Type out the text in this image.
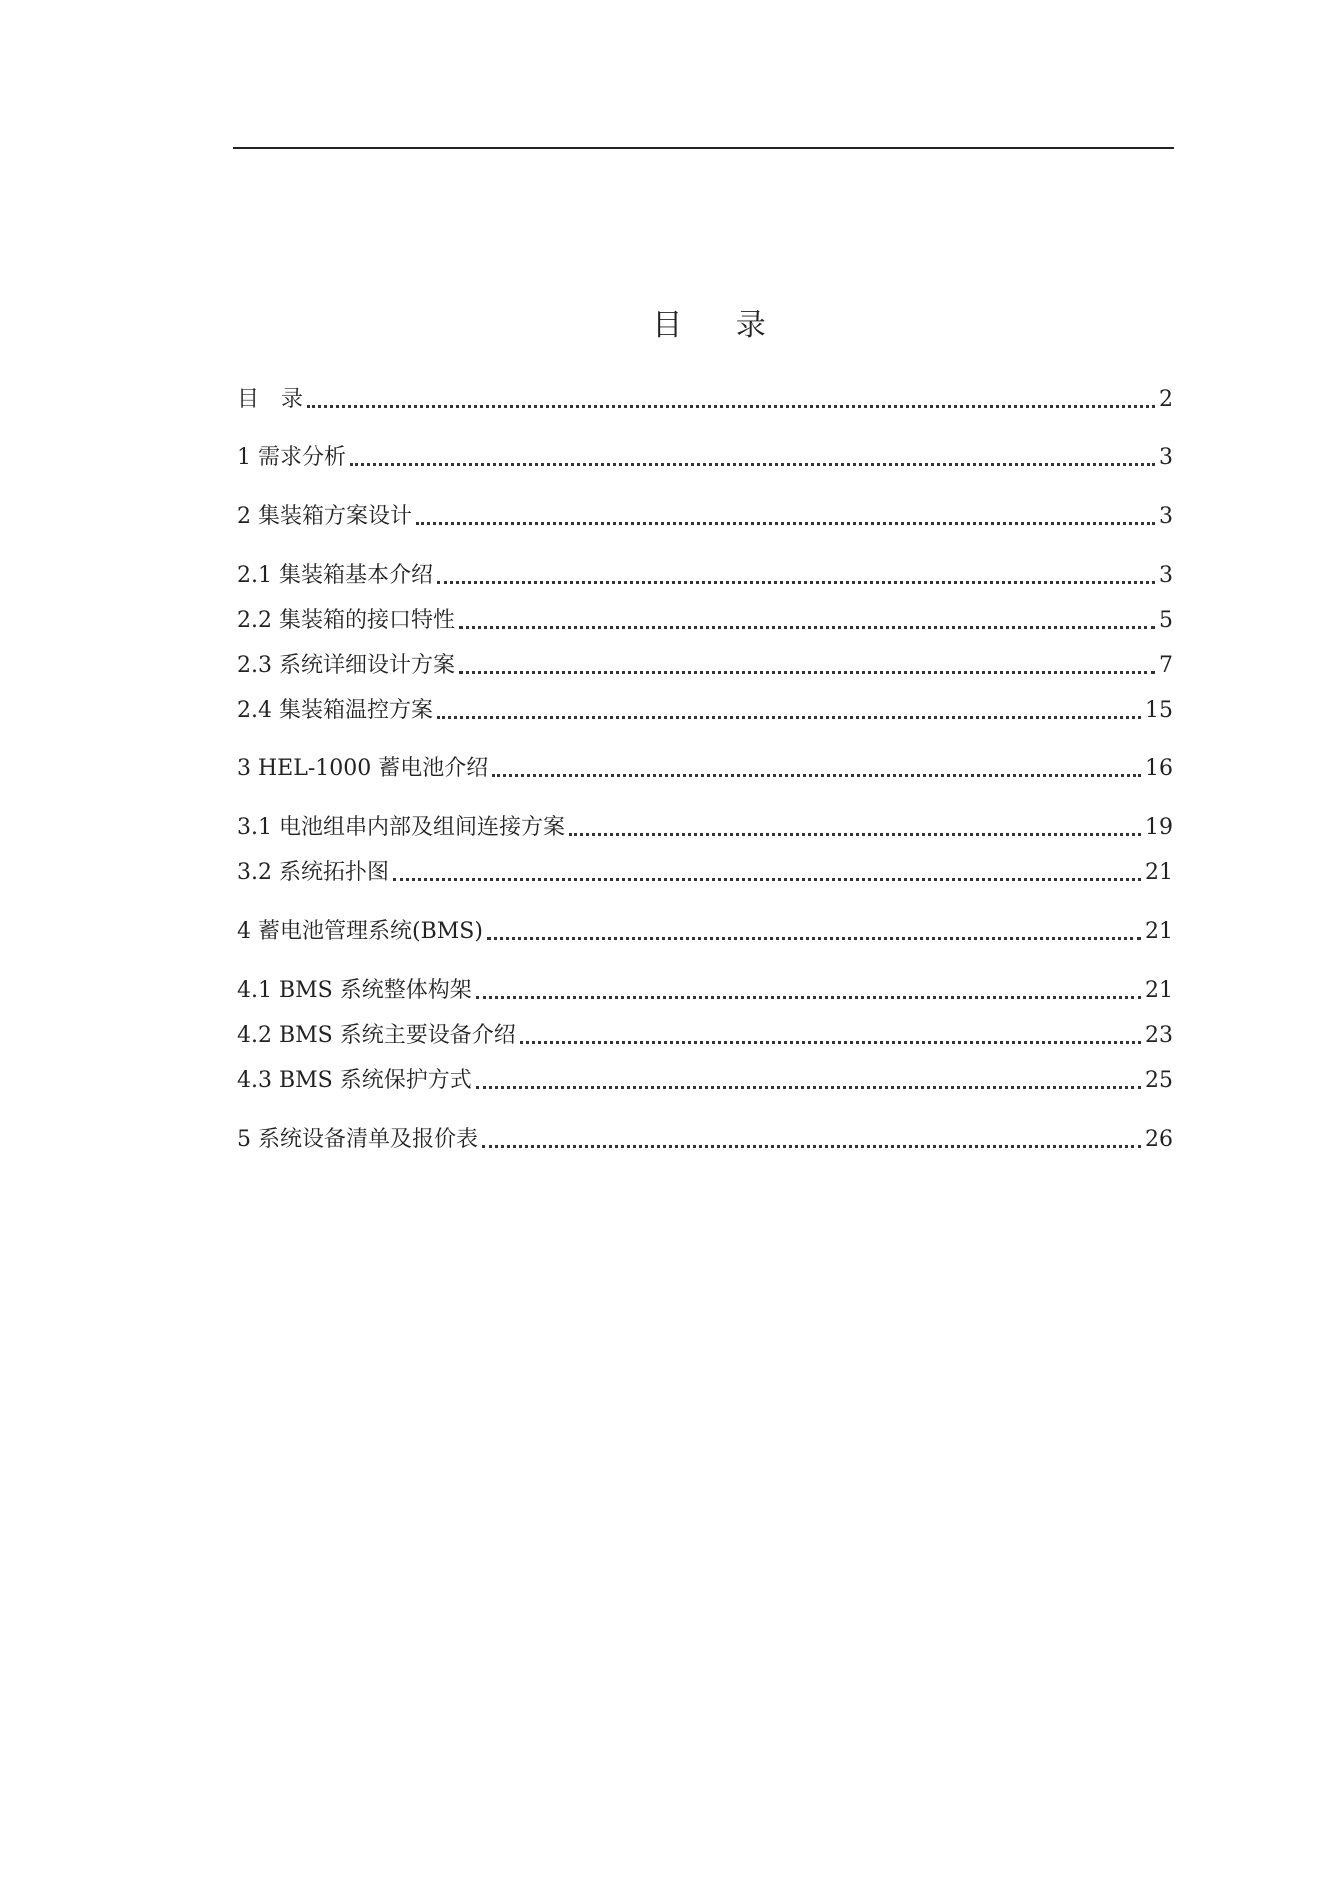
目 录
目　录	2
1 需求分析	3
2 集装箱方案设计	3
2.1 集装箱基本介绍	3
2.2 集装箱的接口特性	5
2.3 系统详细设计方案	7
2.4 集装箱温控方案	15
3 HEL-1000 蓄电池介绍	16
3.1 电池组串内部及组间连接方案	19
3.2 系统拓扑图	21
4 蓄电池管理系统(BMS)	21
4.1 BMS 系统整体构架	21
4.2 BMS 系统主要设备介绍	23
4.3 BMS 系统保护方式	25
5 系统设备清单及报价表	26
